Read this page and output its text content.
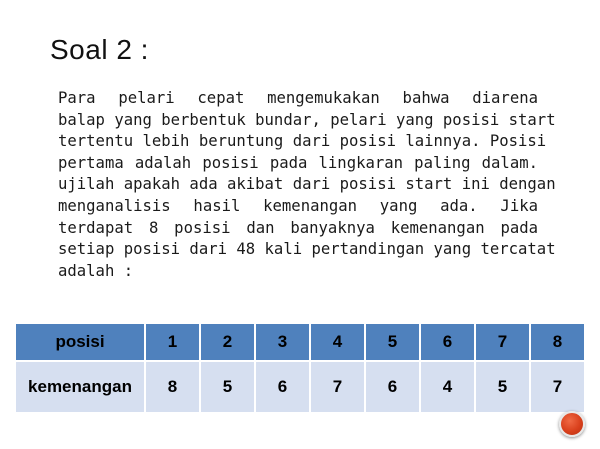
Soal 2 :
Para pelari cepat mengemukakan bahwa diarena
balap yang berbentuk bundar, pelari yang posisi start
tertentu lebih beruntung dari posisi lainnya. Posisi
pertama adalah posisi pada lingkaran paling dalam.
ujilah apakah ada akibat dari posisi start ini dengan
menganalisis hasil kemenangan yang ada. Jika
terdapat 8 posisi dan banyaknya kemenangan pada
setiap posisi dari 48 kali pertandingan yang tercatat
adalah :
posisi	1	2	3	4	5	6	7	8
kemenangan	8	5	6	7	6	4	5	7
